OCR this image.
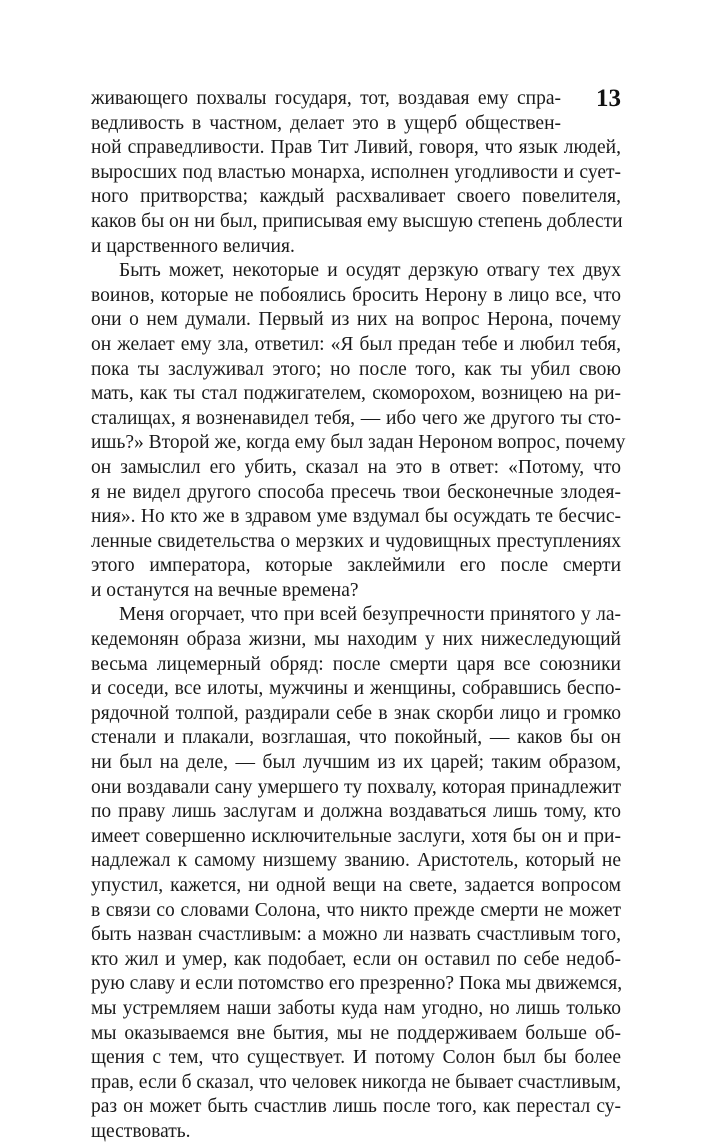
13
живающего похвалы государя, тот, воздавая ему спра-
ведливость в частном, делает это в ущерб обществен-
ной справедливости. Прав Тит Ливий, говоря, что язык людей,
выросших под властью монарха, исполнен угодливости и сует-
ного притворства; каждый расхваливает своего повелителя,
каков бы он ни был, приписывая ему высшую степень доблести
и царственного величия.
Быть может, некоторые и осудят дерзкую отвагу тех двух
воинов, которые не побоялись бросить Нерону в лицо все, что
они о нем думали. Первый из них на вопрос Нерона, почему
он желает ему зла, ответил: «Я был предан тебе и любил тебя,
пока ты заслуживал этого; но после того, как ты убил свою
мать, как ты стал поджигателем, скоморохом, возницею на ри-
сталищах, я возненавидел тебя, — ибо чего же другого ты сто-
ишь?» Второй же, когда ему был задан Нероном вопрос, почему
он замыслил его убить, сказал на это в ответ: «Потому, что
я не видел другого способа пресечь твои бесконечные злодея-
ния». Но кто же в здравом уме вздумал бы осуждать те бесчис-
ленные свидетельства о мерзких и чудовищных преступлениях
этого императора, которые заклеймили его после смерти
и останутся на вечные времена?
Меня огорчает, что при всей безупречности принятого у ла-
кедемонян образа жизни, мы находим у них нижеследующий
весьма лицемерный обряд: после смерти царя все союзники
и соседи, все илоты, мужчины и женщины, собравшись беспо-
рядочной толпой, раздирали себе в знак скорби лицо и громко
стенали и плакали, возглашая, что покойный, — каков бы он
ни был на деле, — был лучшим из их царей; таким образом,
они воздавали сану умершего ту похвалу, которая принадлежит
по праву лишь заслугам и должна воздаваться лишь тому, кто
имеет совершенно исключительные заслуги, хотя бы он и при-
надлежал к самому низшему званию. Аристотель, который не
упустил, кажется, ни одной вещи на свете, задается вопросом
в связи со словами Солона, что никто прежде смерти не может
быть назван счастливым: а можно ли назвать счастливым того,
кто жил и умер, как подобает, если он оставил по себе недоб-
рую славу и если потомство его презренно? Пока мы движемся,
мы устремляем наши заботы куда нам угодно, но лишь только
мы оказываемся вне бытия, мы не поддерживаем больше об-
щения с тем, что существует. И потому Солон был бы более
прав, если б сказал, что человек никогда не бывает счастливым,
раз он может быть счастлив лишь после того, как перестал су-
ществовать.
